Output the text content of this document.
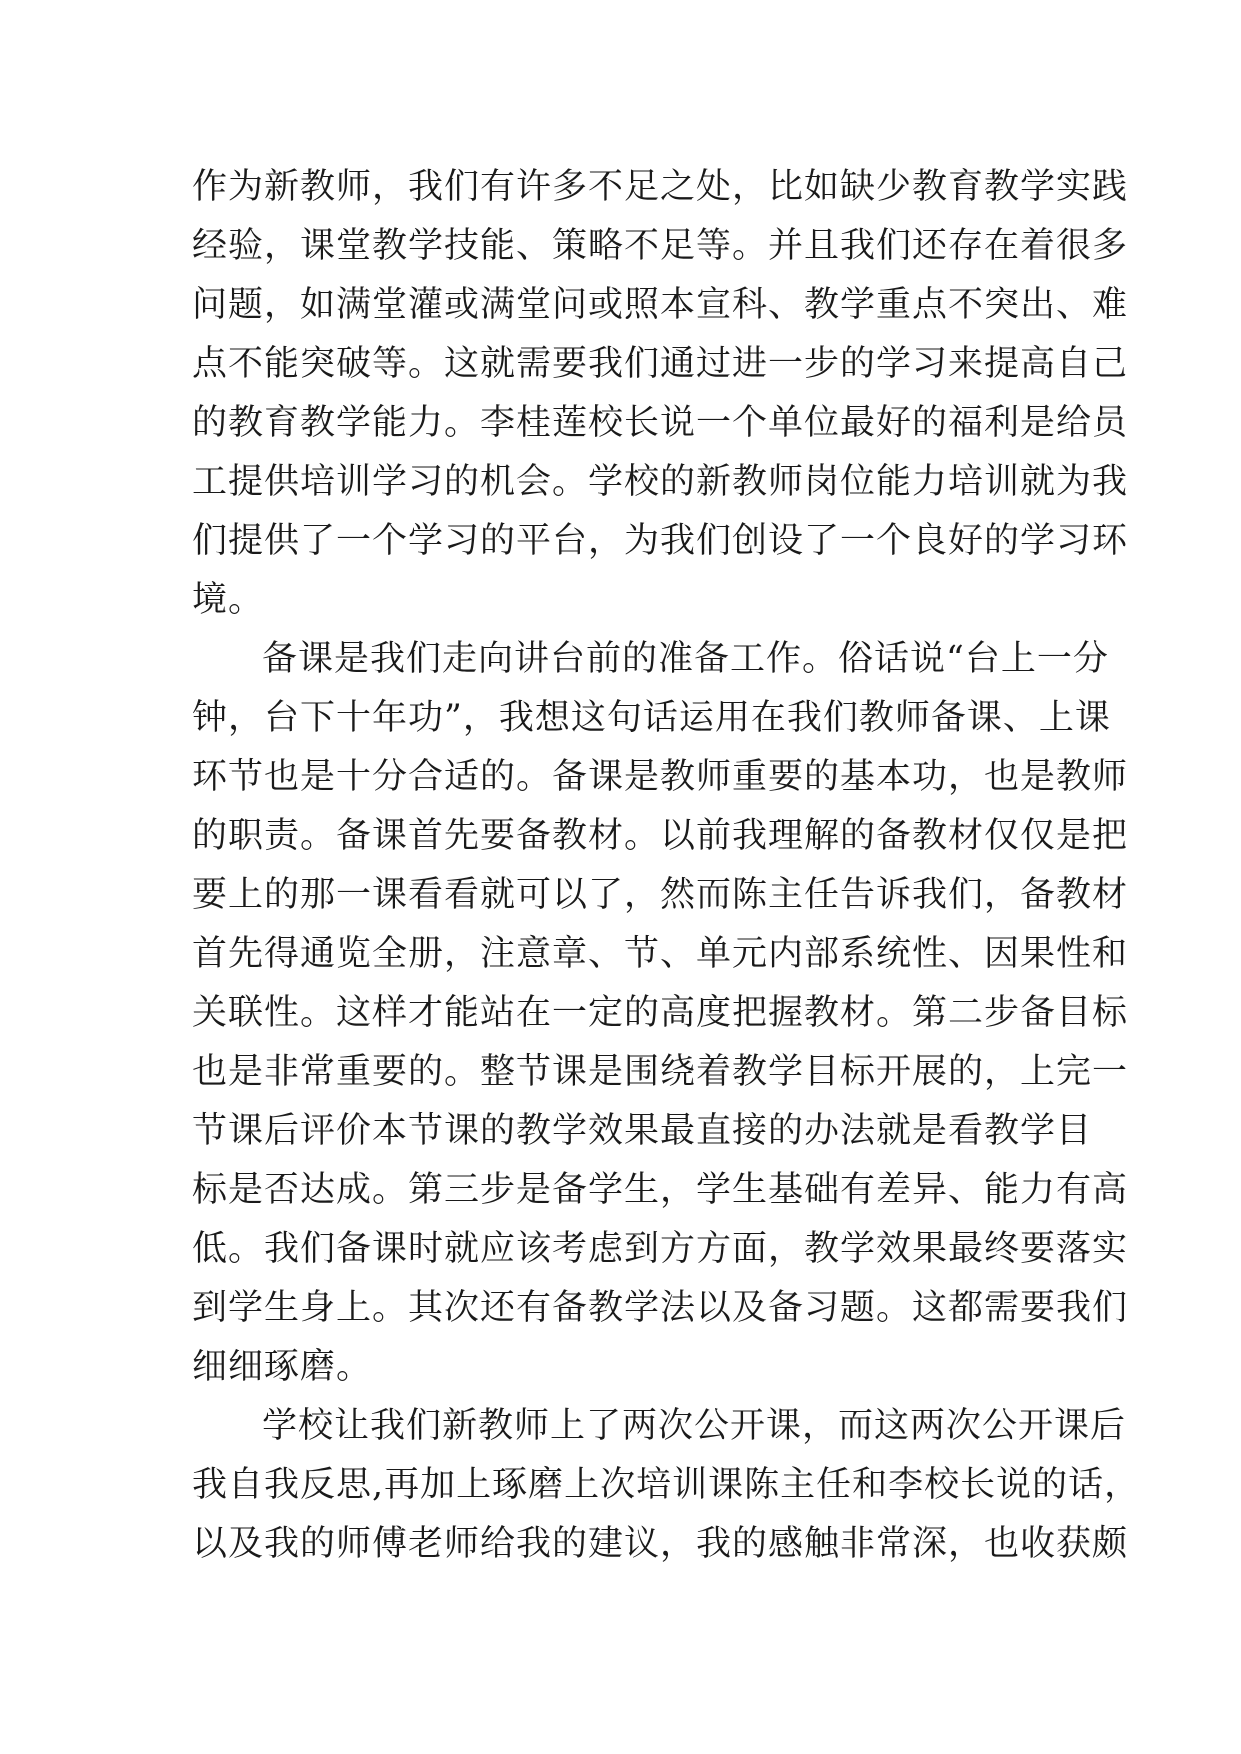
作为新教师，我们有许多不足之处，比如缺少教育教学实践
经验，课堂教学技能、策略不足等。并且我们还存在着很多
问题，如满堂灌或满堂问或照本宣科、教学重点不突出、难
点不能突破等。这就需要我们通过进一步的学习来提高自己
的教育教学能力。李桂莲校长说一个单位最好的福利是给员
工提供培训学习的机会。学校的新教师岗位能力培训就为我
们提供了一个学习的平台，为我们创设了一个良好的学习环
境。
备课是我们走向讲台前的准备工作。俗话说“台上一分
钟，台下十年功”，我想这句话运用在我们教师备课、上课
环节也是十分合适的。备课是教师重要的基本功，也是教师
的职责。备课首先要备教材。以前我理解的备教材仅仅是把
要上的那一课看看就可以了，然而陈主任告诉我们，备教材
首先得通览全册，注意章、节、单元内部系统性、因果性和
关联性。这样才能站在一定的高度把握教材。第二步备目标
也是非常重要的。整节课是围绕着教学目标开展的，上完一
节课后评价本节课的教学效果最直接的办法就是看教学目
标是否达成。第三步是备学生，学生基础有差异、能力有高
低。我们备课时就应该考虑到方方面，教学效果最终要落实
到学生身上。其次还有备教学法以及备习题。这都需要我们
细细琢磨。
学校让我们新教师上了两次公开课，而这两次公开课后
我自我反思,再加上琢磨上次培训课陈主任和李校长说的话，
以及我的师傅老师给我的建议，我的感触非常深，也收获颇
